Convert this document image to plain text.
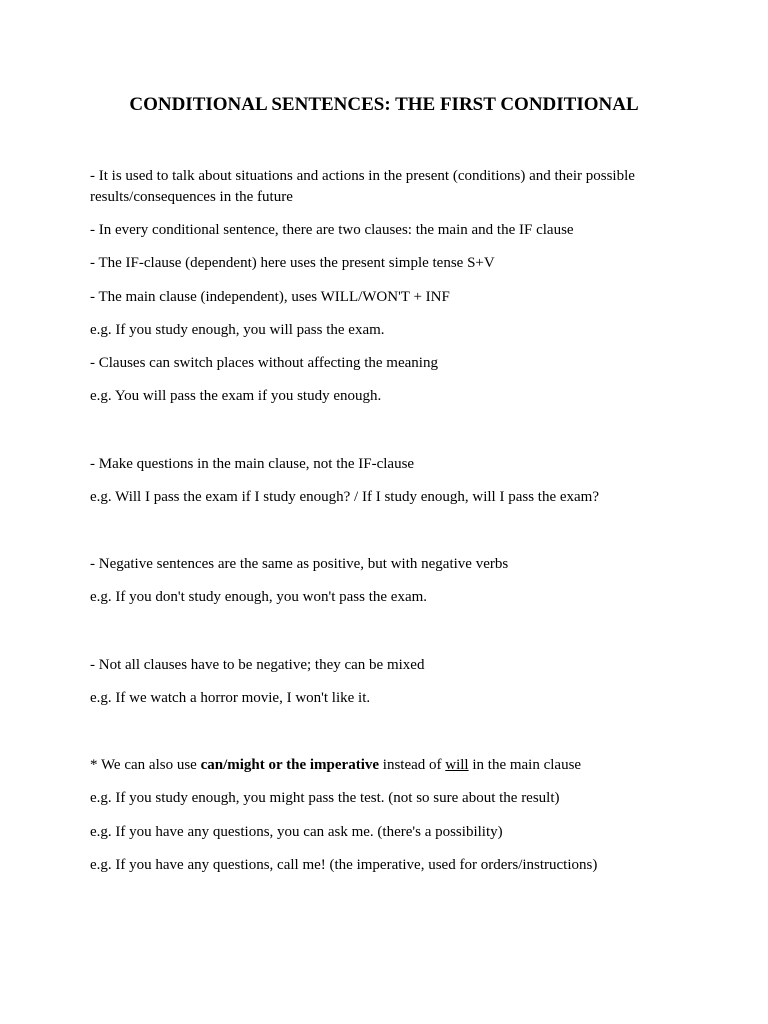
CONDITIONAL SENTENCES: THE FIRST CONDITIONAL

- It is used to talk about situations and actions in the present (conditions) and their possible results/consequences in the future

- In every conditional sentence, there are two clauses: the main and the IF clause

- The IF-clause (dependent) here uses the present simple tense S+V

- The main clause (independent), uses WILL/WON'T + INF

e.g. If you study enough, you will pass the exam.

- Clauses can switch places without affecting the meaning

e.g. You will pass the exam if you study enough.

- Make questions in the main clause, not the IF-clause

e.g. Will I pass the exam if I study enough? / If I study enough, will I pass the exam?

- Negative sentences are the same as positive, but with negative verbs

e.g. If you don't study enough, you won't pass the exam.

- Not all clauses have to be negative; they can be mixed

e.g. If we watch a horror movie, I won't like it.

* We can also use can/might or the imperative instead of will in the main clause

e.g. If you study enough, you might pass the test. (not so sure about the result)

e.g. If you have any questions, you can ask me. (there's a possibility)

e.g. If you have any questions, call me! (the imperative, used for orders/instructions)
